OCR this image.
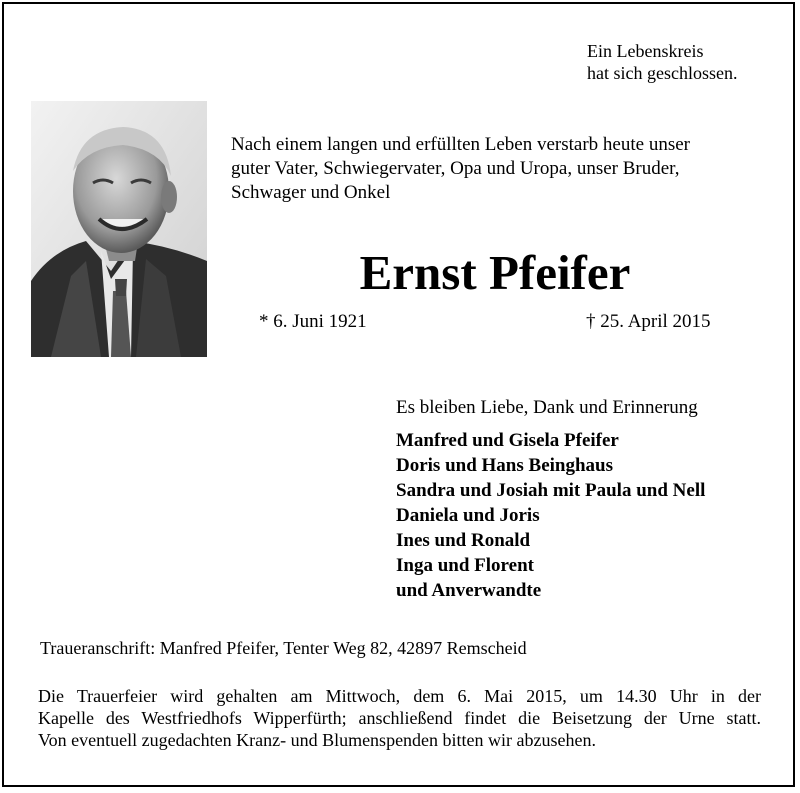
Ein Lebenskreis
hat sich geschlossen.
Nach einem langen und erfüllten Leben verstarb heute unser
guter Vater, Schwiegervater, Opa und Uropa, unser Bruder,
Schwager und Onkel
Ernst Pfeifer
* 6. Juni 1921	† 25. April 2015
Es bleiben Liebe, Dank und Erinnerung
Manfred und Gisela Pfeifer
Doris und Hans Beinghaus
Sandra und Josiah mit Paula und Nell
Daniela und Joris
Ines und Ronald
Inga und Florent
und Anverwandte
Traueranschrift: Manfred Pfeifer, Tenter Weg 82, 42897 Remscheid
Die Trauerfeier wird gehalten am Mittwoch, dem 6. Mai 2015, um 14.30 Uhr in der
Kapelle des Westfriedhofs Wipperfürth; anschließend findet die Beisetzung der Urne statt.
Von eventuell zugedachten Kranz- und Blumenspenden bitten wir abzusehen.
